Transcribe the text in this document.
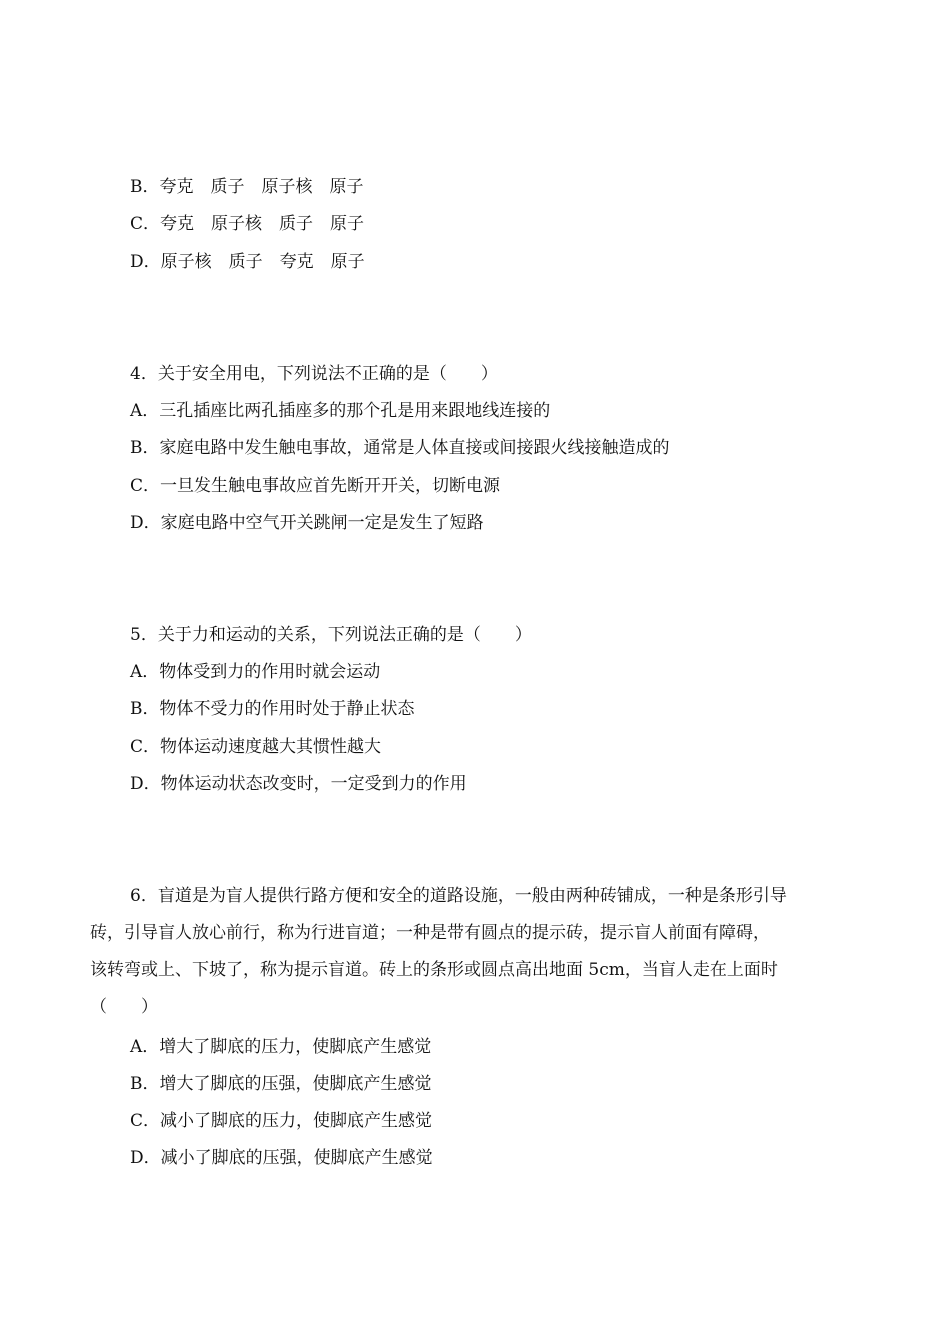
B．夸克　质子　原子核　原子
C．夸克　原子核　质子　原子
D．原子核　质子　夸克　原子
4．关于安全用电，下列说法不正确的是（　　）
A．三孔插座比两孔插座多的那个孔是用来跟地线连接的
B．家庭电路中发生触电事故，通常是人体直接或间接跟火线接触造成的
C．一旦发生触电事故应首先断开开关，切断电源
D．家庭电路中空气开关跳闸一定是发生了短路
5．关于力和运动的关系，下列说法正确的是（　　）
A．物体受到力的作用时就会运动
B．物体不受力的作用时处于静止状态
C．物体运动速度越大其惯性越大
D．物体运动状态改变时，一定受到力的作用
6．盲道是为盲人提供行路方便和安全的道路设施，一般由两种砖铺成，一种是条形引导
砖，引导盲人放心前行，称为行进盲道；一种是带有圆点的提示砖，提示盲人前面有障碍，
该转弯或上、下坡了，称为提示盲道。砖上的条形或圆点高出地面 5cm，当盲人走在上面时
（　　）
A．增大了脚底的压力，使脚底产生感觉
B．增大了脚底的压强，使脚底产生感觉
C．减小了脚底的压力，使脚底产生感觉
D．减小了脚底的压强，使脚底产生感觉
